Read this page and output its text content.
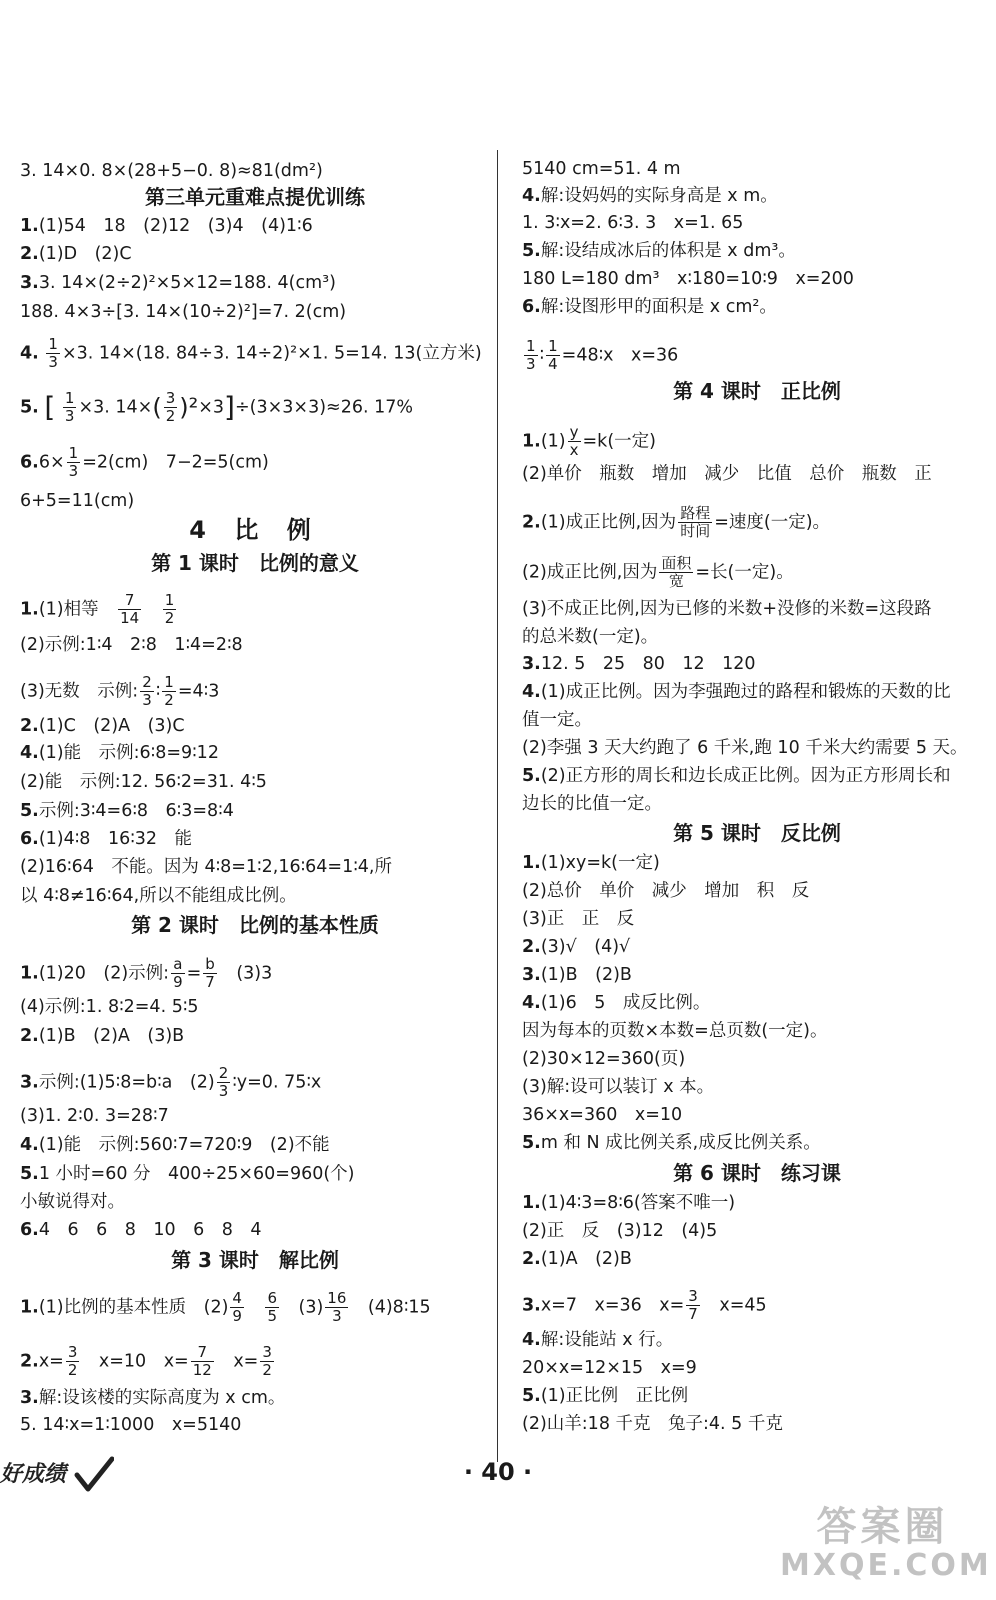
3. 14×0. 8×(28+5−0. 8)≈81(dm²)
第三单元重难点提优训练
1.(1)54　18　(2)12　(3)4　(4)1∶6
2.(1)D　(2)C
3.3. 14×(2÷2)²×5×12=188. 4(cm³)
188. 4×3÷[3. 14×(10÷2)²]=7. 2(cm)
4. $\frac{1}{3} \times 3$. 14×(18. 84÷3. 14÷2)²×1. 5=14. 13(立方米)
5. [ $\frac{1}{3} \times 3$. $14\times( \frac{3}{2} )^2\times 3]\div(3\times 3\times 3)\approx 26$. 17%
$6.6\times \frac{1}{3} =2(cm)$　7−2=5(cm)
6+5=11(cm)
4 比 例
第 1 课时　比例的意义
1.(1)相等　 $\frac{7}{14}$
　 $\frac{1}{2}$
(2)示例:1∶4　2∶8　1∶4=2∶8
(3)无数　示例: $\frac{2}{3}$ ∶ $\frac{1}{2}$ =4∶3
2.(1)C　(2)A　(3)C
4.(1)能　示例:6∶8=9∶12
(2)能　示例:12. 56∶2=31. 4∶5
5.示例:3∶4=6∶8　6∶3=8∶4
6.(1)4∶8　16∶32　能
(2)16∶64　不能。因为 4∶8=1∶2,16∶64=1∶4,所
以 4∶8≠16∶64,所以不能组成比例。
第 2 课时　比例的基本性质
1.(1)20　(2)示例: $\frac{a}{9} = \frac{b}{7}$ 　(3)3
(4)示例:1. 8∶2=4. 5∶5
2.(1)B　(2)A　(3)B
3.示例:(1)5∶8=b∶a　$(2) \frac{2}{3}$ ∶y=0. 75∶x
(3)1. 2∶0. 3=28∶7
4.(1)能　示例:560∶7=720∶9　(2)不能
5.1 小时=60 分　400÷25×60=960(个)
小敏说得对。
6.4　6　6　8　10　6　8　4
第 3 课时　解比例
1.(1)比例的基本性质　$(2) \frac{4}{9}$
　 $\frac{6}{5}$
　 $(3) \frac{16}{3}$
　 (4)8∶15
$2.x= \frac{3}{2}$
　 x=10　$x= \frac{7}{12}$
　 $x= \frac{3}{2}$
3.解:设该楼的实际高度为 x cm。
5. 14∶x=1∶1000　x=5140
5140 cm=51. 4 m
4.解:设妈妈的实际身高是 x m。
1. 3∶x=2. 6∶3. 3　x=1. 65
5.解:设结成冰后的体积是 x dm³。
180 L=180 dm³　x∶180=10∶9　x=200
6.解:设图形甲的面积是 x cm²。
$\frac{1}{3}$ ∶ $\frac{1}{4}$ =48∶x　x=36
第 4 课时　正比例
$1.(1) \frac{y}{x} =k$(一定)
(2)单价　瓶数　增加　减少　比值　总价　瓶数　正
2.(1)成正比例,因为 $\frac{\text{路程}}{\text{时间}}$ =速度(一定)。
(2)成正比例,因为 $\frac{\text{面积}}{\text{宽}}$ =长(一定)。
(3)不成正比例,因为已修的米数+没修的米数=这段路
的总米数(一定)。
3.12. 5　25　80　12　120
4.(1)成正比例。因为李强跑过的路程和锻炼的天数的比
值一定。
(2)李强 3 天大约跑了 6 千米,跑 10 千米大约需要 5 天。
5.(2)正方形的周长和边长成正比例。因为正方形周长和
边长的比值一定。
第 5 课时　反比例
1.(1)xy=k(一定)
(2)总价　单价　减少　增加　积　反
(3)正　正　反
2.(3)√　(4)√
3.(1)B　(2)B
4.(1)6　5　成反比例。
因为每本的页数×本数=总页数(一定)。
(2)30×12=360(页)
(3)解:设可以装订 x 本。
36×x=360　x=10
5.m 和 N 成比例关系,成反比例关系。
第 6 课时　练习课
1.(1)4∶3=8∶6(答案不唯一)
(2)正　反　(3)12　(4)5
2.(1)A　(2)B
3.x=7　x=36　$x= \frac{3}{7}$
　 x=45
4.解:设能站 x 行。
20×x=12×15　x=9
5.(1)正比例　正比例
(2)山羊:18 千克　兔子:4. 5 千克
好成绩	· 40 ·
答案圈
MXQE.COM
